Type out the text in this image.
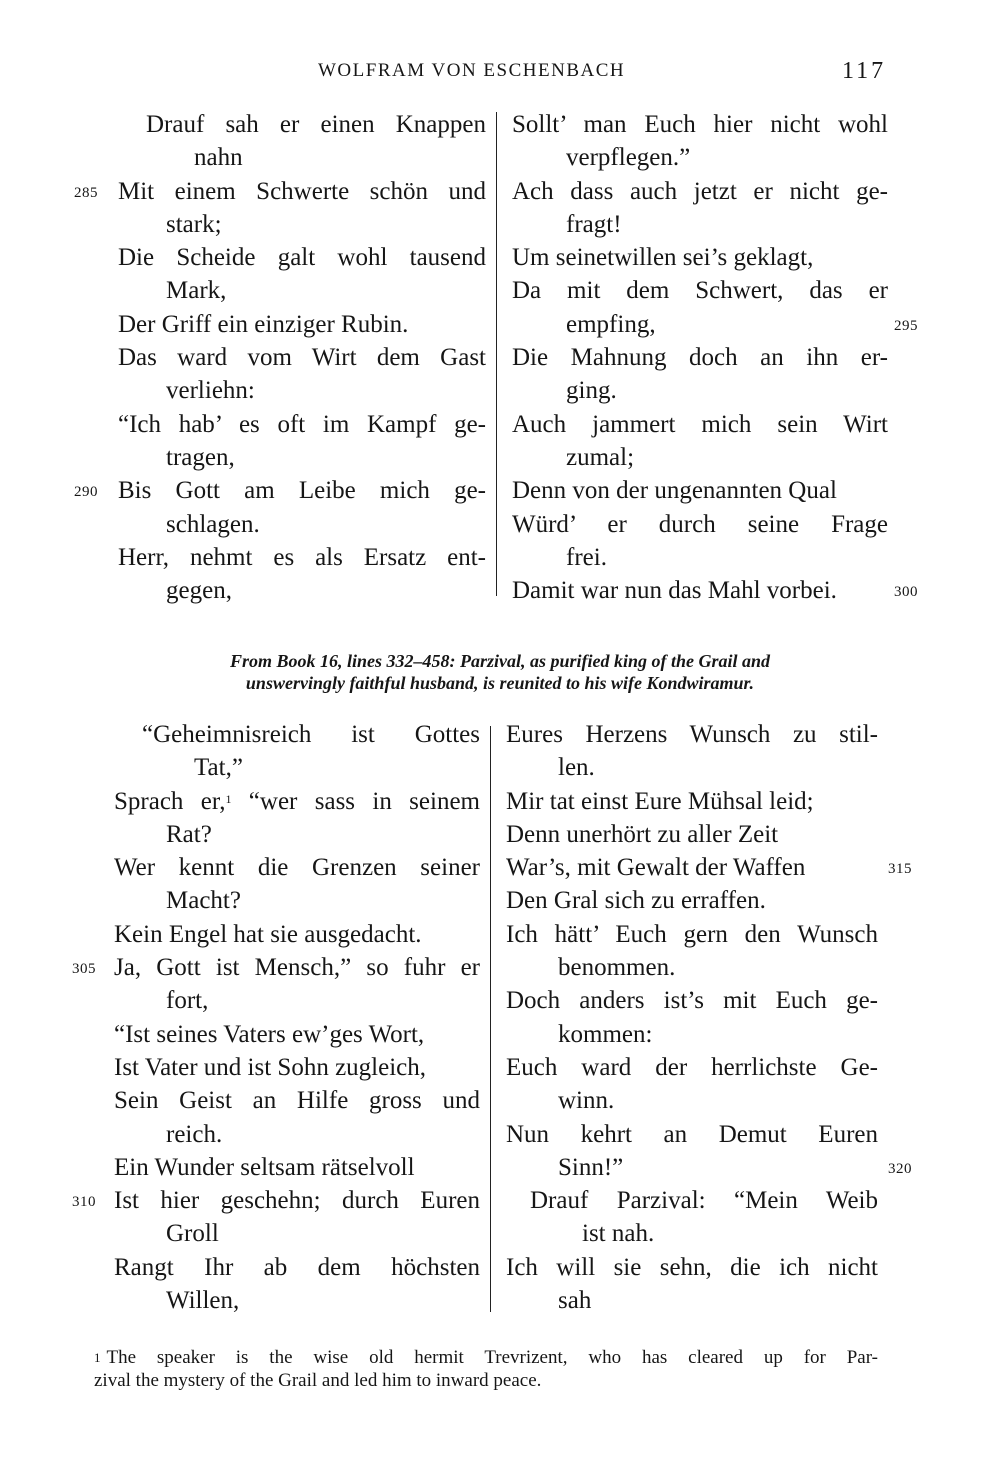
WOLFRAM VON ESCHENBACH	117
Drauf sah er einen Knappen
nahn
Mit einem Schwerte schön und
285
stark;
Die Scheide galt wohl tausend
Mark,
Der Griff ein einziger Rubin.
Das ward vom Wirt dem Gast
verliehn:
“Ich hab’ es oft im Kampf ge-
tragen,
Bis Gott am Leibe mich ge-
290
schlagen.
Herr, nehmt es als Ersatz ent-
gegen,
Sollt’ man Euch hier nicht wohl
verpflegen.”
Ach dass auch jetzt er nicht ge-
fragt!
Um seinetwillen sei’s geklagt,
Da mit dem Schwert, das er
empfing,	295
Die Mahnung doch an ihn er-
ging.
Auch jammert mich sein Wirt
zumal;
Denn von der ungenannten Qual
Würd’ er durch seine Frage
frei.
Damit war nun das Mahl vorbei.	300
From Book 16, lines 332–458: Parzival, as purified king of the Grail and
unswervingly faithful husband, is reunited to his wife Kondwiramur.
“Geheimnisreich ist Gottes
Tat,”
Sprach er,$^1$ “wer sass in seinem
Rat?
Wer kennt die Grenzen seiner
Macht?
Kein Engel hat sie ausgedacht.
Ja, Gott ist Mensch,” so fuhr er
305
fort,
“Ist seines Vaters ew’ges Wort,
Ist Vater und ist Sohn zugleich,
Sein Geist an Hilfe gross und
reich.
Ein Wunder seltsam rätselvoll
Ist hier geschehn; durch Euren
310
Groll
Rangt Ihr ab dem höchsten
Willen,
Eures Herzens Wunsch zu stil-
len.
Mir tat einst Eure Mühsal leid;
Denn unerhört zu aller Zeit
War’s, mit Gewalt der Waffen	315
Den Gral sich zu erraffen.
Ich hätt’ Euch gern den Wunsch
benommen.
Doch anders ist’s mit Euch ge-
kommen:
Euch ward der herrlichste Ge-
winn.
Nun kehrt an Demut Euren
Sinn!”	320
Drauf Parzival: “Mein Weib
ist nah.
Ich will sie sehn, die ich nicht
sah
$^1$ The speaker is the wise old hermit Trevrizent, who has cleared up for Par-
zival the mystery of the Grail and led him to inward peace.
